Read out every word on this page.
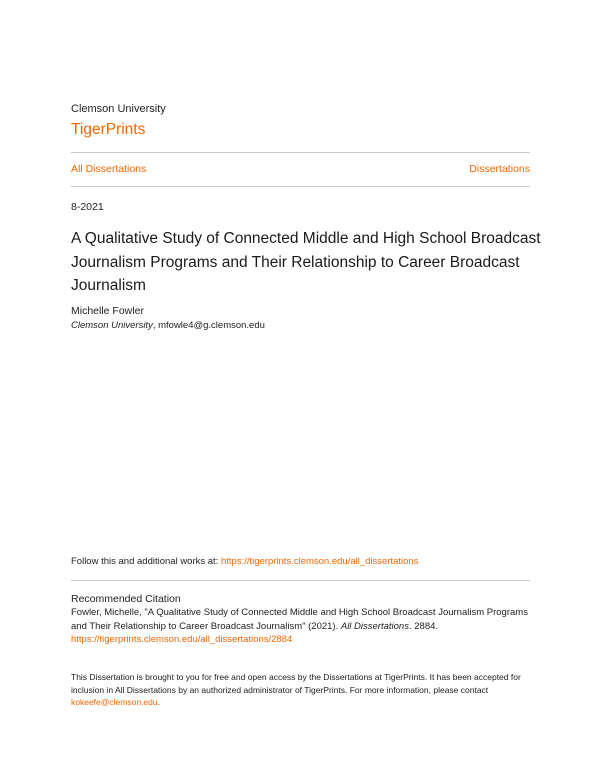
Clemson University
TigerPrints
All Dissertations	Dissertations
8-2021
A Qualitative Study of Connected Middle and High School Broadcast Journalism Programs and Their Relationship to Career Broadcast Journalism
Michelle Fowler
Clemson University, mfowle4@g.clemson.edu
Follow this and additional works at: https://tigerprints.clemson.edu/all_dissertations
Recommended Citation

Fowler, Michelle, "A Qualitative Study of Connected Middle and High School Broadcast Journalism Programs and Their Relationship to Career Broadcast Journalism" (2021). All Dissertations. 2884.
https://tigerprints.clemson.edu/all_dissertations/2884

This Dissertation is brought to you for free and open access by the Dissertations at TigerPrints. It has been accepted for inclusion in All Dissertations by an authorized administrator of TigerPrints. For more information, please contact kokeefe@clemson.edu.
